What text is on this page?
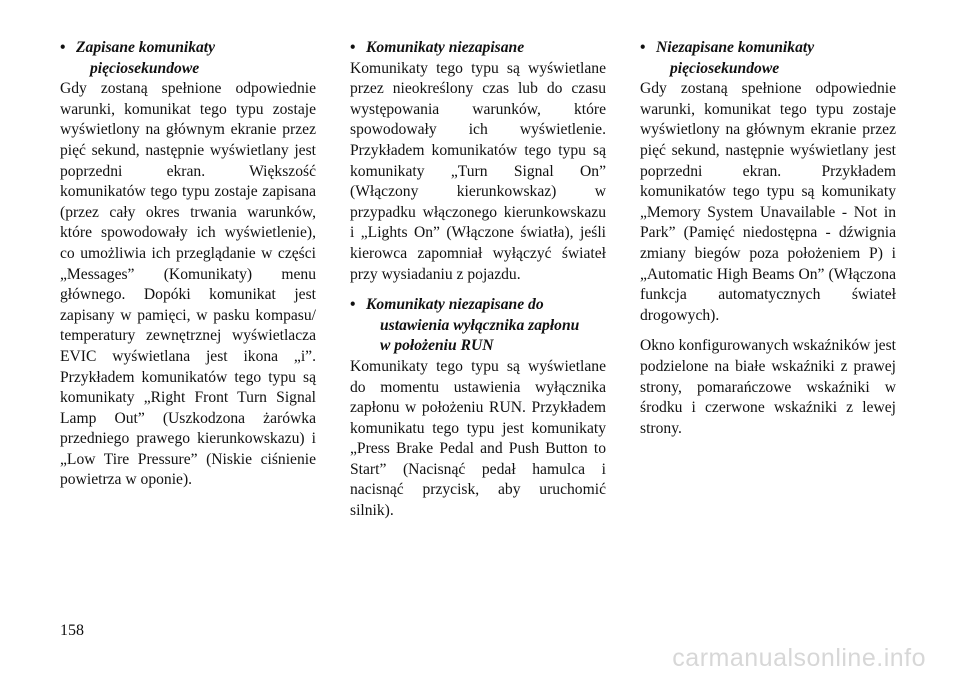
• Zapisane komunikaty
pięciosekundowe

Gdy zostaną spełnione odpowiednie warunki, komunikat tego typu zostaje wyświetlony na głównym ekranie przez pięć sekund, następnie wyświetlany jest poprzedni ekran. Większość komunikatów tego typu zostaje zapisana (przez cały okres trwania warunków, które spowodowały ich wyświetlenie), co umożliwia ich przeglądanie w części „Messages” (Komunikaty) menu głównego. Dopóki komunikat jest zapisany w pamięci, w pasku kompasu/ temperatury zewnętrznej wyświetlacza EVIC wyświetlana jest ikona „i”. Przykładem komunikatów tego typu są komunikaty „Right Front Turn Signal Lamp Out” (Uszkodzona żarówka przedniego prawego kierunkowskazu) i „Low Tire Pressure” (Niskie ciśnienie powietrza w oponie).

• Komunikaty niezapisane

Komunikaty tego typu są wyświetlane przez nieokreślony czas lub do czasu występowania warunków, które spowodowały ich wyświetlenie. Przykładem komunikatów tego typu są komunikaty „Turn Signal On” (Włączony kierunkowskaz) w przypadku włączonego kierunkowskazu i „Lights On” (Włączone światła), jeśli kierowca zapomniał wyłączyć świateł przy wysiadaniu z pojazdu.

• Komunikaty niezapisane do
ustawienia wyłącznika zapłonu
w położeniu RUN

Komunikaty tego typu są wyświetlane do momentu ustawienia wyłącznika zapłonu w położeniu RUN. Przykładem komunikatu tego typu jest komunikaty „Press Brake Pedal and Push Button to Start” (Nacisnąć pedał hamulca i nacisnąć przycisk, aby uruchomić silnik).

• Niezapisane komunikaty
pięciosekundowe

Gdy zostaną spełnione odpowiednie warunki, komunikat tego typu zostaje wyświetlony na głównym ekranie przez pięć sekund, następnie wyświetlany jest poprzedni ekran. Przykładem komunikatów tego typu są komunikaty „Memory System Unavailable - Not in Park” (Pamięć niedostępna - dźwignia zmiany biegów poza położeniem P) i „Automatic High Beams On” (Włączona funkcja automatycznych świateł drogowych).

Okno konfigurowanych wskaźników jest podzielone na białe wskaźniki z prawej strony, pomarańczowe wskaźniki w środku i czerwone wskaźniki z lewej strony.

158
carmanualsonline.info
